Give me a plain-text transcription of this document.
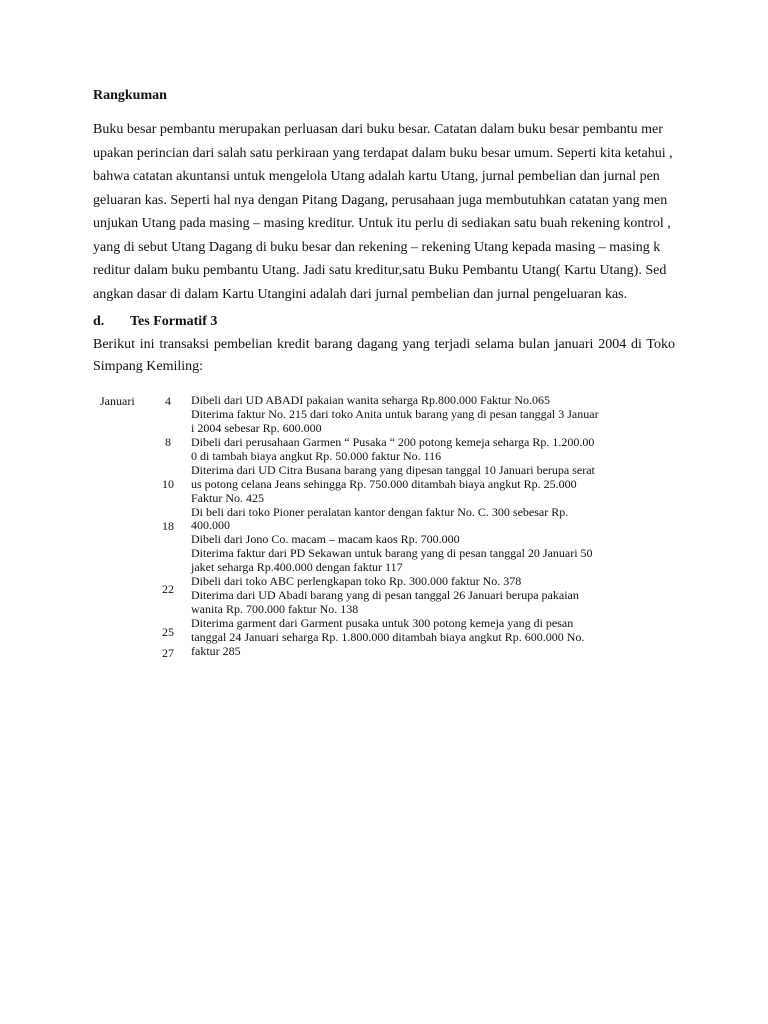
Rangkuman
Buku besar pembantu merupakan perluasan dari buku besar. Catatan dalam buku besar pembantu mer
upakan perincian dari salah satu perkiraan yang terdapat dalam buku besar umum. Seperti kita ketahui ,
bahwa catatan akuntansi untuk mengelola Utang adalah kartu Utang, jurnal pembelian dan jurnal pen
geluaran kas. Seperti hal nya dengan Pitang Dagang, perusahaan juga membutuhkan catatan yang men
unjukan Utang pada masing – masing kreditur. Untuk itu perlu di sediakan satu buah rekening kontrol ,
yang di sebut Utang Dagang di buku besar dan rekening – rekening Utang kepada masing – masing k
reditur dalam buku pembantu Utang. Jadi satu kreditur,satu Buku Pembantu Utang( Kartu Utang). Sed
angkan dasar di dalam Kartu Utangini adalah dari jurnal pembelian dan jurnal pengeluaran kas.
d. Tes Formatif 3
Berikut ini transaksi pembelian kredit barang dagang yang terjadi selama bulan januari 2004 di Toko
Simpang Kemiling:
Januari	4
8
10
18
22
25
27
Dibeli dari UD ABADI pakaian wanita seharga Rp.800.000 Faktur No.065
Diterima faktur No. 215 dari toko Anita untuk barang yang di pesan tanggal 3 Januar
i 2004 sebesar Rp. 600.000
Dibeli dari perusahaan Garmen “ Pusaka “ 200 potong kemeja seharga Rp. 1.200.00
0 di tambah biaya angkut Rp. 50.000 faktur No. 116
Diterima dari UD Citra Busana barang yang dipesan tanggal 10 Januari berupa serat
us potong celana Jeans sehingga Rp. 750.000 ditambah biaya angkut Rp. 25.000
Faktur No. 425
Di beli dari toko Pioner peralatan kantor dengan faktur No. C. 300 sebesar Rp.
400.000
Dibeli dari Jono Co. macam – macam kaos Rp. 700.000
Diterima faktur dari PD Sekawan untuk barang yang di pesan tanggal 20 Januari 50
jaket seharga Rp.400.000 dengan faktur 117
Dibeli dari toko ABC perlengkapan toko Rp. 300.000 faktur No. 378
Diterima dari UD Abadi barang yang di pesan tanggal 26 Januari berupa pakaian
wanita Rp. 700.000 faktur No. 138
Diterima garment dari Garment pusaka untuk 300 potong kemeja yang di pesan
tanggal 24 Januari seharga Rp. 1.800.000 ditambah biaya angkut Rp. 600.000 No.
faktur 285
